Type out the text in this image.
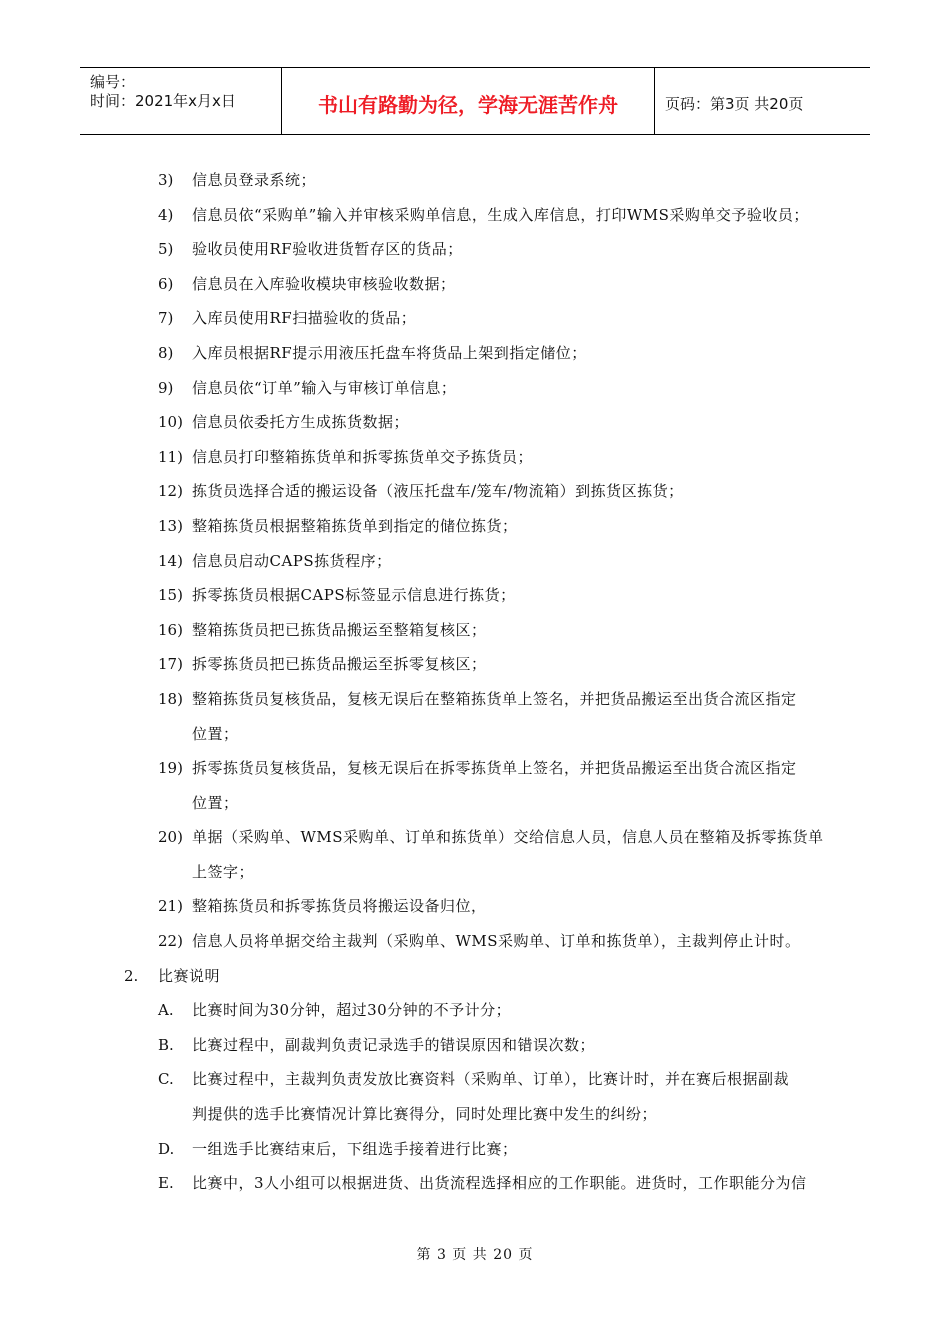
编号：
时间：2021年x月x日	书山有路勤为径，学海无涯苦作舟	页码：第3页 共20页
3) 信息员登录系统；
4) 信息员依“采购单”输入并审核采购单信息，生成入库信息，打印WMS采购单交予验收员；
5) 验收员使用RF验收进货暂存区的货品；
6) 信息员在入库验收模块审核验收数据；
7) 入库员使用RF扫描验收的货品；
8) 入库员根据RF提示用液压托盘车将货品上架到指定储位；
9) 信息员依“订单”输入与审核订单信息；
10) 信息员依委托方生成拣货数据；
11) 信息员打印整箱拣货单和拆零拣货单交予拣货员；
12) 拣货员选择合适的搬运设备（液压托盘车/笼车/物流箱）到拣货区拣货；
13) 整箱拣货员根据整箱拣货单到指定的储位拣货；
14) 信息员启动CAPS拣货程序；
15) 拆零拣货员根据CAPS标签显示信息进行拣货；
16) 整箱拣货员把已拣货品搬运至整箱复核区；
17) 拆零拣货员把已拣货品搬运至拆零复核区；
18) 整箱拣货员复核货品，复核无误后在整箱拣货单上签名，并把货品搬运至出货合流区指定
位置；
19) 拆零拣货员复核货品，复核无误后在拆零拣货单上签名，并把货品搬运至出货合流区指定
位置；
20) 单据（采购单、WMS采购单、订单和拣货单）交给信息人员，信息人员在整箱及拆零拣货单
上签字；
21) 整箱拣货员和拆零拣货员将搬运设备归位，
22) 信息人员将单据交给主裁判（采购单、WMS采购单、订单和拣货单），主裁判停止计时。
2. 比赛说明
A. 比赛时间为30分钟，超过30分钟的不予计分；
B. 比赛过程中，副裁判负责记录选手的错误原因和错误次数；
C. 比赛过程中，主裁判负责发放比赛资料（采购单、订单），比赛计时，并在赛后根据副裁
判提供的选手比赛情况计算比赛得分，同时处理比赛中发生的纠纷；
D. 一组选手比赛结束后，下组选手接着进行比赛；
E. 比赛中，3人小组可以根据进货、出货流程选择相应的工作职能。进货时，工作职能分为信
第 3 页 共 20 页
